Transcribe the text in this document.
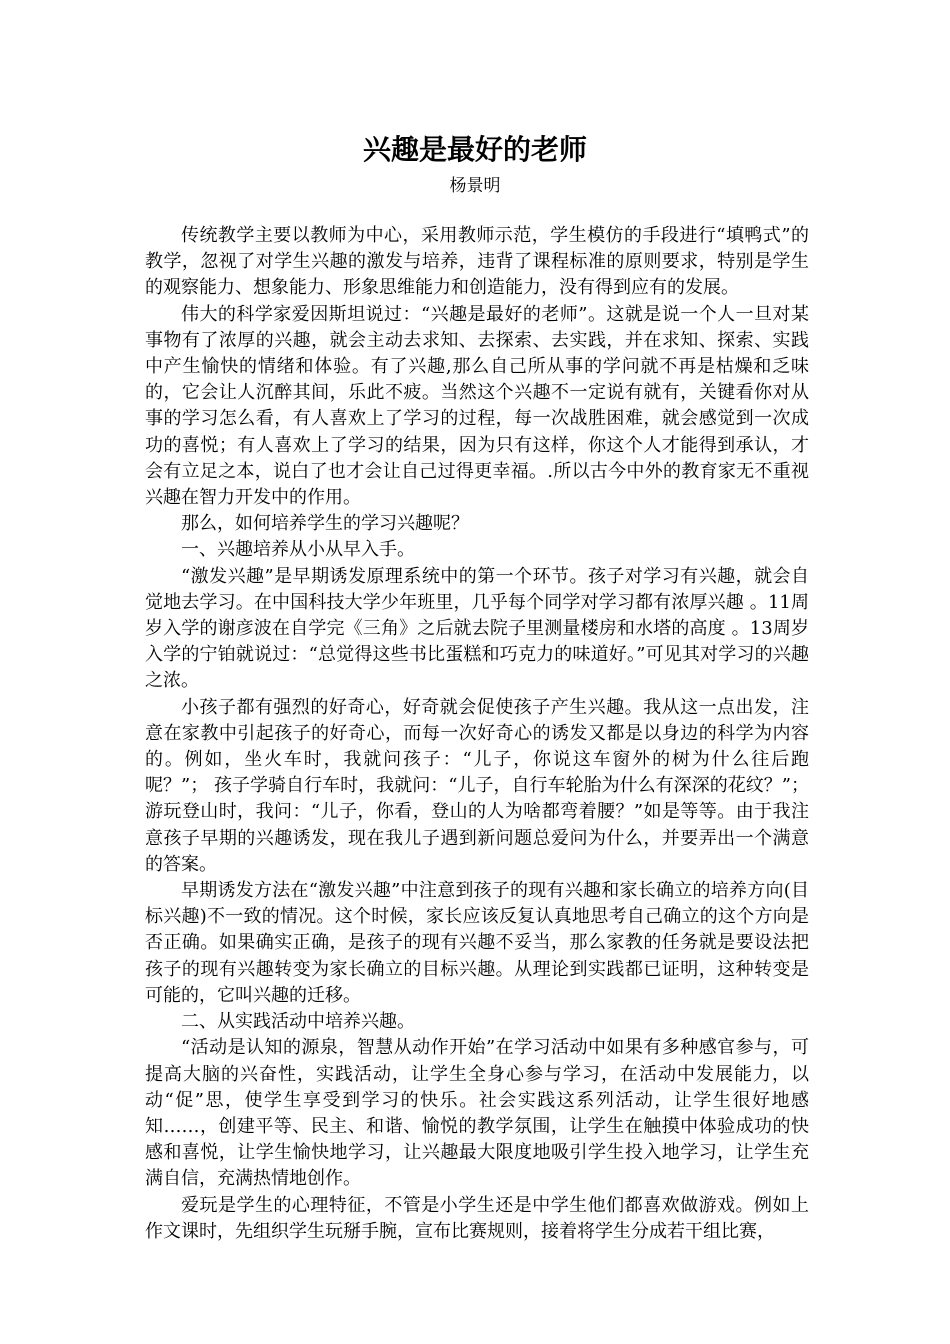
兴趣是最好的老师
杨景明

传统教学主要以教师为中心，采用教师示范，学生模仿的手段进行“填鸭式”的教学，忽视了对学生兴趣的激发与培养，违背了课程标准的原则要求，特别是学生的观察能力、想象能力、形象思维能力和创造能力，没有得到应有的发展。

伟大的科学家爱因斯坦说过：“兴趣是最好的老师”。这就是说一个人一旦对某事物有了浓厚的兴趣，就会主动去求知、去探索、去实践，并在求知、探索、实践中产生愉快的情绪和体验。有了兴趣,那么自己所从事的学问就不再是枯燥和乏味的，它会让人沉醉其间，乐此不疲。当然这个兴趣不一定说有就有，关键看你对从事的学习怎么看，有人喜欢上了学习的过程，每一次战胜困难，就会感觉到一次成功的喜悦；有人喜欢上了学习的结果，因为只有这样，你这个人才能得到承认，才会有立足之本，说白了也才会让自己过得更幸福。.所以古今中外的教育家无不重视兴趣在智力开发中的作用。

那么，如何培养学生的学习兴趣呢？

一、兴趣培养从小从早入手。

“激发兴趣”是早期诱发原理系统中的第一个环节。孩子对学习有兴趣，就会自觉地去学习。在中国科技大学少年班里，几乎每个同学对学习都有浓厚兴趣 。11周岁入学的谢彦波在自学完《三角》之后就去院子里测量楼房和水塔的高度 。13周岁入学的宁铂就说过：“总觉得这些书比蛋糕和巧克力的味道好。”可见其对学习的兴趣之浓。

小孩子都有强烈的好奇心，好奇就会促使孩子产生兴趣。我从这一点出发，注意在家教中引起孩子的好奇心，而每一次好奇心的诱发又都是以身边的科学为内容的。例如，坐火车时，我就问孩子：“儿子，你说这车窗外的树为什么往后跑呢？”； 孩子学骑自行车时，我就问：“儿子，自行车轮胎为什么有深深的花纹？”；游玩登山时，我问：“儿子，你看，登山的人为啥都弯着腰？”如是等等。由于我注意孩子早期的兴趣诱发，现在我儿子遇到新问题总爱问为什么，并要弄出一个满意的答案。

早期诱发方法在“激发兴趣”中注意到孩子的现有兴趣和家长确立的培养方向(目标兴趣)不一致的情况。这个时候，家长应该反复认真地思考自己确立的这个方向是否正确。如果确实正确，是孩子的现有兴趣不妥当，那么家教的任务就是要设法把孩子的现有兴趣转变为家长确立的目标兴趣。从理论到实践都已证明，这种转变是可能的，它叫兴趣的迁移。

二、从实践活动中培养兴趣。

“活动是认知的源泉，智慧从动作开始”在学习活动中如果有多种感官参与，可提高大脑的兴奋性，实践活动，让学生全身心参与学习，在活动中发展能力，以动“促”思，使学生享受到学习的快乐。社会实践这系列活动，让学生很好地感知……，创建平等、民主、和谐、愉悦的教学氛围，让学生在触摸中体验成功的快感和喜悦，让学生愉快地学习，让兴趣最大限度地吸引学生投入地学习，让学生充满自信，充满热情地创作。

爱玩是学生的心理特征，不管是小学生还是中学生他们都喜欢做游戏。例如上作文课时，先组织学生玩掰手腕，宣布比赛规则，接着将学生分成若干组比赛，
